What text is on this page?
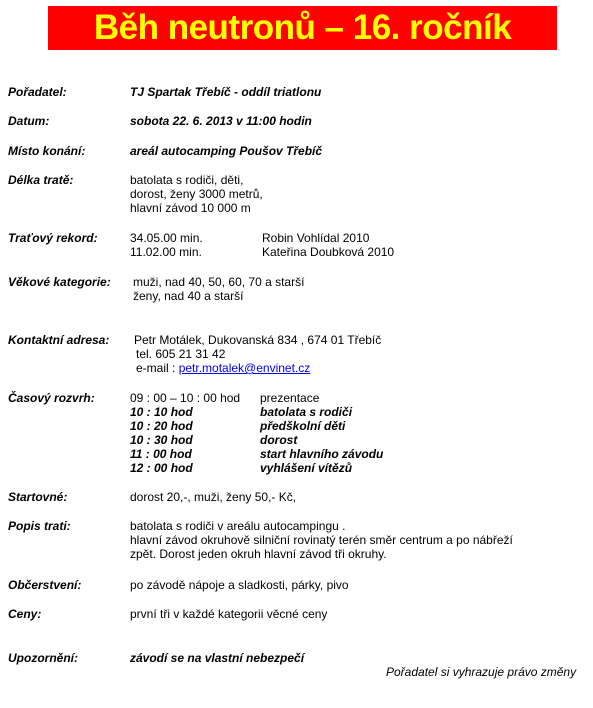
Běh neutronů – 16. ročník
Pořadatel:	TJ Spartak Třebíč - oddíl triatlonu
Datum:	sobota 22. 6. 2013 v 11:00 hodin
Místo konání:	areál autocamping Poušov Třebíč
Délka tratě:	batolata s rodiči, děti,
dorost, ženy 3000 metrů,
hlavní závod 10 000 m
Traťový rekord:	34.05.00 min.	Robin Vohlídal 2010
11.02.00 min.	Kateřina Doubková 2010
Věkové kategorie: muži, nad 40, 50, 60, 70 a starší
ženy, nad 40 a starší
Kontaktní adresa: Petr Motálek, Dukovanská 834 , 674 01 Třebíč
tel. 605 21 31 42
e-mail : petr.motalek@envinet.cz
Časový rozvrh:	09 : 00 – 10 : 00 hod prezentace
10 : 10 hod	batolata s rodiči
10 : 20 hod	předškolní děti
10 : 30 hod	dorost
11 : 00 hod	start hlavního závodu
12 : 00 hod	vyhlášení vítězů
Startovné:	dorost 20,-, muži, ženy 50,- Kč,
Popis trati:	batolata s rodiči v areálu autocampingu .
hlavní závod okruhově silniční rovinatý terén směr centrum a po nábřeží
zpět. Dorost jeden okruh hlavní závod tři okruhy.
Občerstvení:	po závodě nápoje a sladkosti, párky, pivo
Ceny:	první tři v každé kategorii věcné ceny
Upozornění:	závodí se na vlastní nebezpečí
Pořadatel si vyhrazuje právo změny
